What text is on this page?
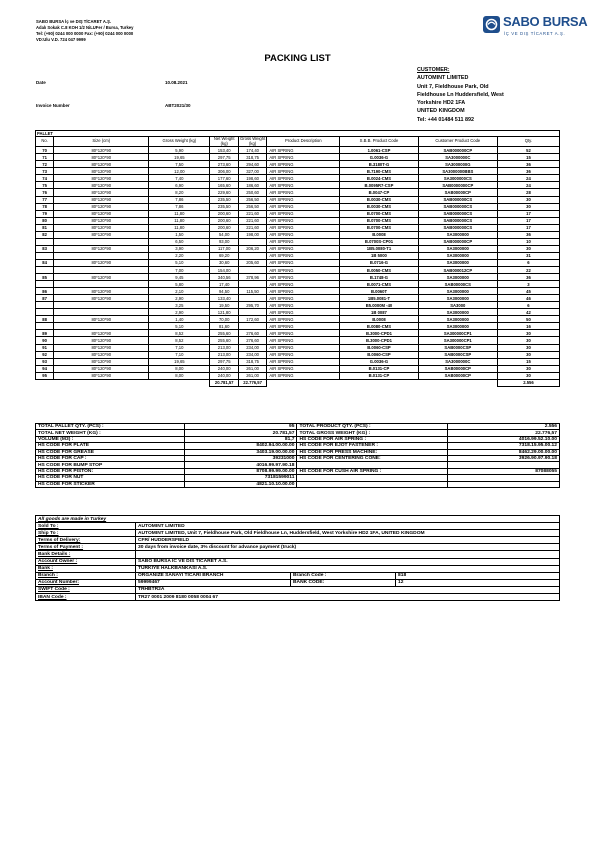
SABO BURSA İç ve DIŞ TİCARET A.Ş.
Adalı Sokak C.8 KOH 1/2 NiLUFer / Bursa, Turkey
Tel: (+90) 0244 000 0000 Fax: (+90) 0244 000 0000
VD:Ulu V.D. 724 047 9999
SABO BURSA
İÇ VE DIŞ TİCARET A.Ş.
PACKING LIST
Date	10.08.2021
Invoice Number	ABT2021/30
CUSTOMER:
AUTOMINT LIMITED
Unit 7, Fieldhouse Park, Old
Fieldhouse Ln Huddersfield, West
Yorkshire HD2 1FA
UNITED KINGDOM
Tel: +44 01484 511 892
PALLET								
No.	Size (cm)	Gross Weight (kg)	Net Weight (kg)	Gross Weight (kg)	Product Description	S.B.B. Product Code	Customer Product Code	Qty.
70	80*120*90	5,90	153,40	174,40	AIR SPRING	1.0061-CSP	SAB000000CP	52
71	80*120*90	19,65	297,75	318,75	AIR SPRING	G.0036-G	SA3000000C	15
72	80*120*90	7,50	273,60	294,60	AIR SPRING	B.3180T-G	SA3000000G	36
73	80*120*90	12,00	306,00	327,00	AIR SPRING	B.7190-CMS	SA3000000BBS	36
74	80*120*90	7,40	177,60	198,60	AIR SPRING	B.0024-CMS	SA3000000CS	24
75	80*120*90	6,90	165,60	186,60	AIR SPRING	B.0095R7-CSP	SAB0000000CP	24
76	80*120*90	8,20	229,60	250,60	AIR SPRING	B.0047-CP	SAB00000CP	28
77	80*120*90	7,86	235,50	256,50	AIR SPRING	B.0030-CMS	SAB000000CS	30
78	80*120*90	7,86	235,50	256,50	AIR SPRING	B.0030-CMS	SAB000000CS	30
79	80*120*90	11,80	200,60	221,60	AIR SPRING	B.0700-CMS	SAB000000CS	17
80	80*120*90	11,80	200,60	221,60	AIR SPRING	B.0700-CMS	SAB000000CS	17
81	80*120*90	11,80	200,60	221,60	AIR SPRING	B.0700-CMS	SAB000000CS	17
82	80*120*90	1,50	54,00	198,00	AIR SPRING	B.0008	SA3000000	36
		6,50	93,00		AIR SPRING	B.0700S-CP01	SAB000000CP	10
83	80*120*90	3,90	117,00	206,20	AIR SPRING	1B5.0080-T1	SA3000000	30
		2,20	69,20		AIR SPRING	1B 5000	SA3000000	31
84	80*120*90	5,10	30,60	205,60	AIR SPRING	B.0716-G	SA3000000	6
		7,00	154,00		AIR SPRING	B.0050-CMS	SAB000012CP	22
85	80*120*90	9,45	340,56	378,96	AIR SPRING	B.1748-G	SA3000000	36
		5,80	17,40		AIR SPRING	B.0071-CMS	SAB00000CS	3
86	80*120*90	2,10	94,50	115,50	AIR SPRING	B.0060T	SA3000000	45
87	80*120*90	2,90	133,40		AIR SPRING	1B5.0081-T	SA3000000	46
		3,25	19,50	295,70	AIR SPRING	B5.0000M -40	SA3000	6
		2,90	121,80		AIR SPRING	1B 0087	SA3000000	42
88	80*120*90	1,40	70,00	172,60	AIR SPRING	B.0008	SA3000000	50
		5,10	81,60		AIR SPRING	B.0080-CMS	SA3000000	16
89	80*120*90	8,52	255,60	276,60	AIR SPRING	B.3000-CPD1	SA300000CP1	30
90	80*120*90	8,52	255,60	276,60	AIR SPRING	B.3000-CPD1	SA300000CP1	30
91	80*120*90	7,10	213,00	234,00	AIR SPRING	B.0060-CSP	SAB0000CSP	30
92	80*120*90	7,10	213,00	234,00	AIR SPRING	B.0060-CSP	SAB0000CSP	30
93	80*120*90	19,65	297,75	318,75	AIR SPRING	G.0036-G	SA3000000C	15
94	80*120*90	8,00	240,00	261,00	AIR SPRING	B.0131-CP	SAB00000CP	30
95	80*120*90	8,00	240,00	261,00	AIR SPRING	B.0131-CP	SAB00000CP	30
			20.781,57	22.776,57				2.556
TOTAL PALLET QTY. (PCS) :	95	TOTAL PRODUCT QTY. (PCS) :	2.556
TOTAL NET WEIGHT (KG) :	20.781,57	TOTAL GROSS WEIGHT (KG) :	22.776,57
VOLUME (M3) :	81,7	HS CODE FOR AIR SPRING :	4016.99.52.10.00
HS CODE FOR PLATE	8402.94.00.00.00	HS CODE FOR EJOT FASTENER :	7318.15.95.00.12
HS CODE FOR GREASE	3403.19.00.00.00	HS CODE FOR PRESS MACHINE:	8462.29.00.00.00
HS CODE FOR CAP :	39231000	HS CODE FOR CENTERING CONE:	3926.90.97.90.18
HS CODE FOR BUMP STOP	4016.99.97.90.18		
HS CODE FOR PISTON:	8708.99.99.00.00	HS CODE FOR CUSH AIR SPRING :	87088055
HS CODE FOR NUT	73181599011		
HS CODE FOR STICKER	4821.10.10.00.00		
All goods are made in Turkey			
Sold To :	AUTOMINT LIMITED		
Ship To :	AUTOMINT LIMITED, Unit 7, Fieldhouse Park, Old Fieldhouse Ln, Huddersfield, West Yorkshire HD2 1FA, UNITED KINGDOM		
Terms of Delivery:	CFR/ HUDDERSFIELD		
Terms of Payment :	30 days from invoice date, 3% discount for advance payment (truck)		
Bank Details :			
Account Owner :	SABO BURSA IC VE DIS TICARET A.S.		
Bank :	TURKIYE HALKBANKASI A.S.		
Branch :	ORGANIZE SANAYI TICARI BRANCH	Branch Code :	818
Account Number:	59999467	BANK CODE:	12
SWIFT Code :	TRHBTR2A		
IBAN Code :	TR27 0001 2009 8180 0058 0004 67		
